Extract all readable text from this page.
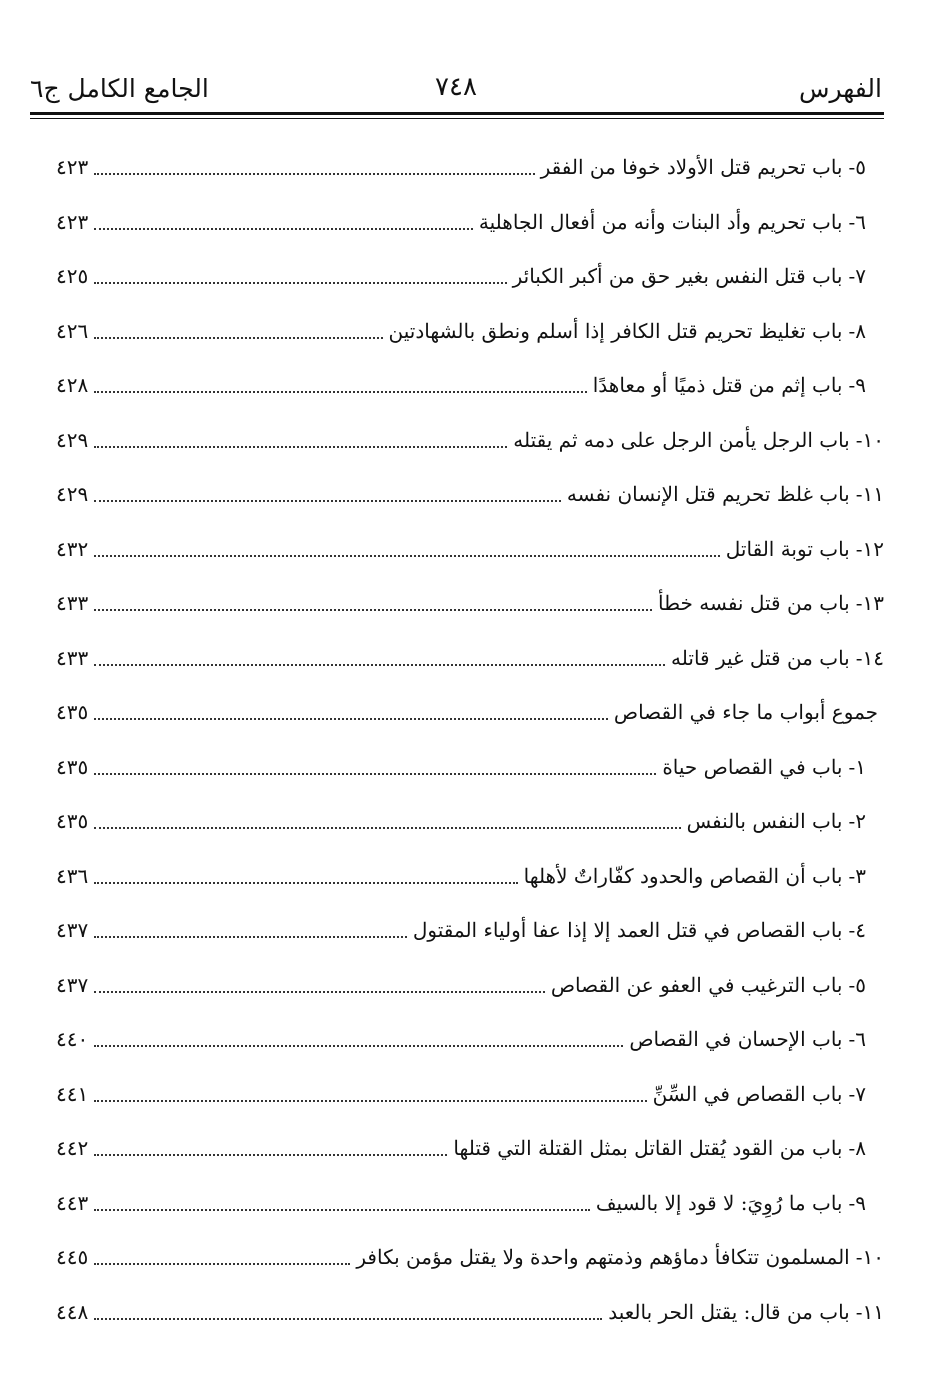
الفهرس
٧٤٨
الجامع الكامل ج٦
٥-
باب تحريم قتل الأولاد خوفا من الفقر
٤٢٣
٦-
باب تحريم وأد البنات وأنه من أفعال الجاهلية
٤٢٣
٧-
باب قتل النفس بغير حق من أكبر الكبائر
٤٢٥
٨-
باب تغليظ تحريم قتل الكافر إذا أسلم ونطق بالشهادتين
٤٢٦
٩-
باب إثم من قتل ذميًا أو معاهدًا
٤٢٨
١٠-
باب الرجل يأمن الرجل على دمه ثم يقتله
٤٢٩
١١-
باب غلظ تحريم قتل الإنسان نفسه
٤٢٩
١٢-
باب توبة القاتل
٤٣٢
١٣-
باب من قتل نفسه خطأ
٤٣٣
١٤-
باب من قتل غير قاتله
٤٣٣
جموع أبواب ما جاء في القصاص
٤٣٥
١-
باب في القصاص حياة
٤٣٥
٢-
باب النفس بالنفس
٤٣٥
٣-
باب أن القصاص والحدود كفّاراتٌ لأهلها
٤٣٦
٤-
باب القصاص في قتل العمد إلا إذا عفا أولياء المقتول
٤٣٧
٥-
باب الترغيب في العفو عن القصاص
٤٣٧
٦-
باب الإحسان في القصاص
٤٤٠
٧-
باب القصاص في السِّنِّ
٤٤١
٨-
باب من القود يُقتل القاتل بمثل القتلة التي قتلها
٤٤٢
٩-
باب ما رُوِيَ: لا قود إلا بالسيف
٤٤٣
١٠-
المسلمون تتكافأ دماؤهم وذمتهم واحدة ولا يقتل مؤمن بكافر
٤٤٥
١١-
باب من قال: يقتل الحر بالعبد
٤٤٨
